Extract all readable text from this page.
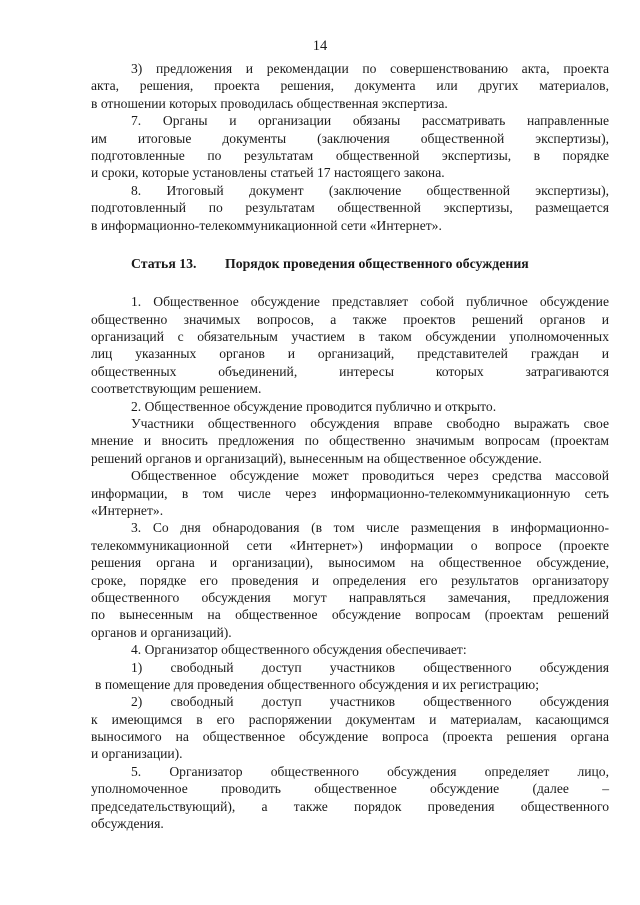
14
3) предложения и рекомендации по совершенствованию акта, проекта
акта, решения, проекта решения, документа или других материалов,
в отношении которых проводилась общественная экспертиза.
7. Органы и организации обязаны рассматривать направленные
им итоговые документы (заключения общественной экспертизы),
подготовленные по результатам общественной экспертизы, в порядке
и сроки, которые установлены статьей 17 настоящего закона.
8. Итоговый документ (заключение общественной экспертизы),
подготовленный по результатам общественной экспертизы, размещается
в информационно-телекоммуникационной сети «Интернет».
Статья 13. Порядок проведения общественного обсуждения
1. Общественное обсуждение представляет собой публичное обсуждение
общественно значимых вопросов, а также проектов решений органов и
организаций с обязательным участием в таком обсуждении уполномоченных
лиц указанных органов и организаций, представителей граждан и
общественных объединений, интересы которых затрагиваются
соответствующим решением.
2. Общественное обсуждение проводится публично и открыто.
Участники общественного обсуждения вправе свободно выражать свое
мнение и вносить предложения по общественно значимым вопросам (проектам
решений органов и организаций), вынесенным на общественное обсуждение.
Общественное обсуждение может проводиться через средства массовой
информации, в том числе через информационно-телекоммуникационную сеть
«Интернет».
3. Со дня обнародования (в том числе размещения в информационно-
телекоммуникационной сети «Интернет») информации о вопросе (проекте
решения органа и организации), выносимом на общественное обсуждение,
сроке, порядке его проведения и определения его результатов организатору
общественного обсуждения могут направляться замечания, предложения
по вынесенным на общественное обсуждение вопросам (проектам решений
органов и организаций).
4. Организатор общественного обсуждения обеспечивает:
1) свободный доступ участников общественного обсуждения
в помещение для проведения общественного обсуждения и их регистрацию;
2) свободный доступ участников общественного обсуждения
к имеющимся в его распоряжении документам и материалам, касающимся
выносимого на общественное обсуждение вопроса (проекта решения органа
и организации).
5. Организатор общественного обсуждения определяет лицо,
уполномоченное проводить общественное обсуждение (далее –
председательствующий), а также порядок проведения общественного
обсуждения.
